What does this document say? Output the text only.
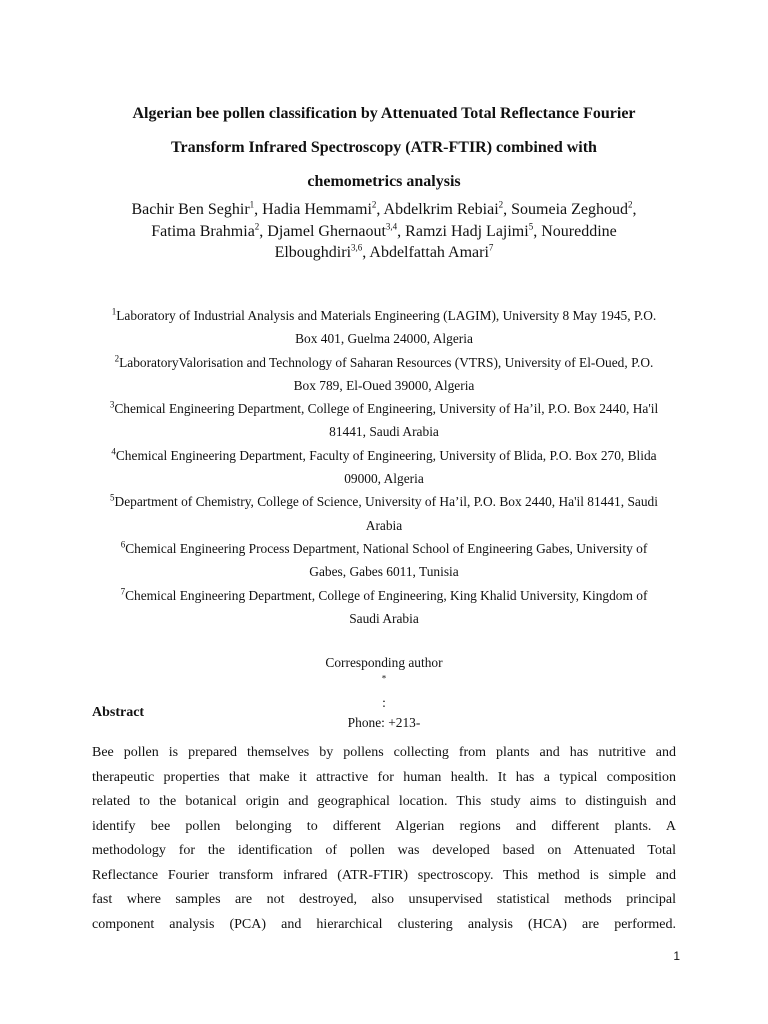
Algerian bee pollen classification by Attenuated Total Reflectance Fourier
Transform Infrared Spectroscopy (ATR-FTIR) combined with
chemometrics analysis
Bachir Ben Seghir$^1$, Hadia Hemmami$^2$, Abdelkrim Rebiai$^2$, Soumeia Zeghoud$^2$,
Fatima Brahmia$^2$, Djamel Ghernaout$^{3,4}$, Ramzi Hadj Lajimi$^5$, Noureddine
Elboughdiri$^{3,6}$, Abdelfattah Amari$^7$
$^1$Laboratory of Industrial Analysis and Materials Engineering (LAGIM), University 8 May 1945, P.O.
Box 401, Guelma 24000, Algeria
$^2$LaboratoryValorisation and Technology of Saharan Resources (VTRS), University of El-Oued, P.O.
Box 789, El-Oued 39000, Algeria
$^3$Chemical Engineering Department, College of Engineering, University of Ha’il, P.O. Box 2440, Ha'il
81441, Saudi Arabia
$^4$Chemical Engineering Department, Faculty of Engineering, University of Blida, P.O. Box 270, Blida
09000, Algeria
$^5$Department of Chemistry, College of Science, University of Ha’il, P.O. Box 2440, Ha'il 81441, Saudi
Arabia
$^6$Chemical Engineering Process Department, National School of Engineering Gabes, University of
Gabes, Gabes 6011, Tunisia
$^7$Chemical Engineering Department, College of Engineering, King Khalid University, Kingdom of
Saudi Arabia
Corresponding author
*
:
Phone: +213-
Abstract
Bee pollen is prepared themselves by pollens collecting from plants and has nutritive and
therapeutic properties that make it attractive for human health. It has a typical composition
related to the botanical origin and geographical location. This study aims to distinguish and
identify bee pollen belonging to different Algerian regions and different plants. A
methodology for the identification of pollen was developed based on Attenuated Total
Reflectance Fourier transform infrared (ATR-FTIR) spectroscopy. This method is simple and
fast where samples are not destroyed, also unsupervised statistical methods principal
component analysis (PCA) and hierarchical clustering analysis (HCA) are performed.
1
